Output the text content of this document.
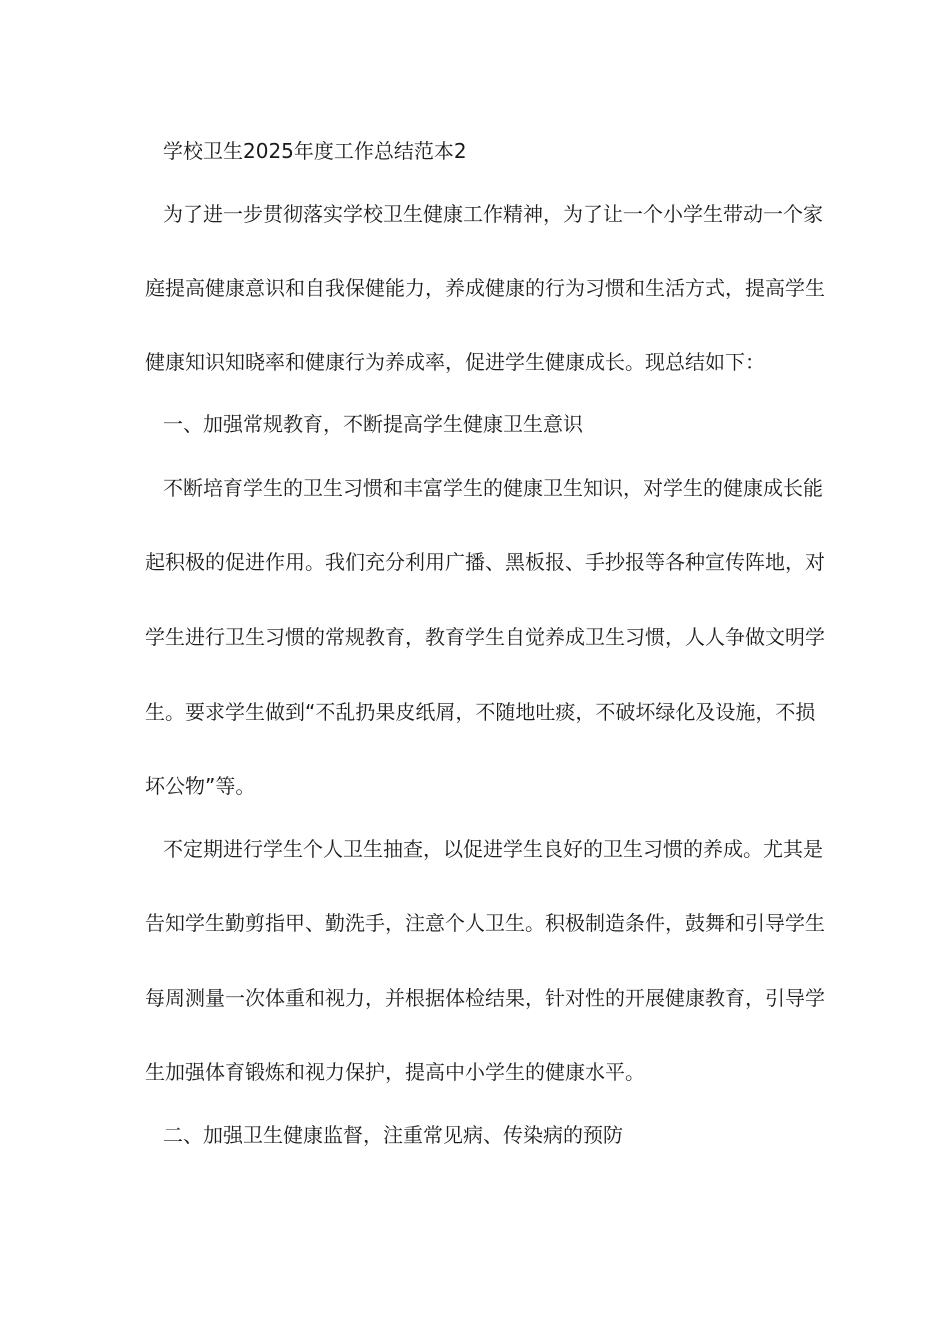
学校卫生2025年度工作总结范本2
为了进一步贯彻落实学校卫生健康工作精神，为了让一个小学生带动一个家
庭提高健康意识和自我保健能力，养成健康的行为习惯和生活方式，提高学生
健康知识知晓率和健康行为养成率，促进学生健康成长。现总结如下：
一、加强常规教育，不断提高学生健康卫生意识
不断培育学生的卫生习惯和丰富学生的健康卫生知识，对学生的健康成长能
起积极的促进作用。我们充分利用广播、黑板报、手抄报等各种宣传阵地，对
学生进行卫生习惯的常规教育，教育学生自觉养成卫生习惯，人人争做文明学
生。要求学生做到“不乱扔果皮纸屑，不随地吐痰，不破坏绿化及设施，不损
坏公物”等。
不定期进行学生个人卫生抽查，以促进学生良好的卫生习惯的养成。尤其是
告知学生勤剪指甲、勤洗手，注意个人卫生。积极制造条件，鼓舞和引导学生
每周测量一次体重和视力，并根据体检结果，针对性的开展健康教育，引导学
生加强体育锻炼和视力保护，提高中小学生的健康水平。
二、加强卫生健康监督，注重常见病、传染病的预防
